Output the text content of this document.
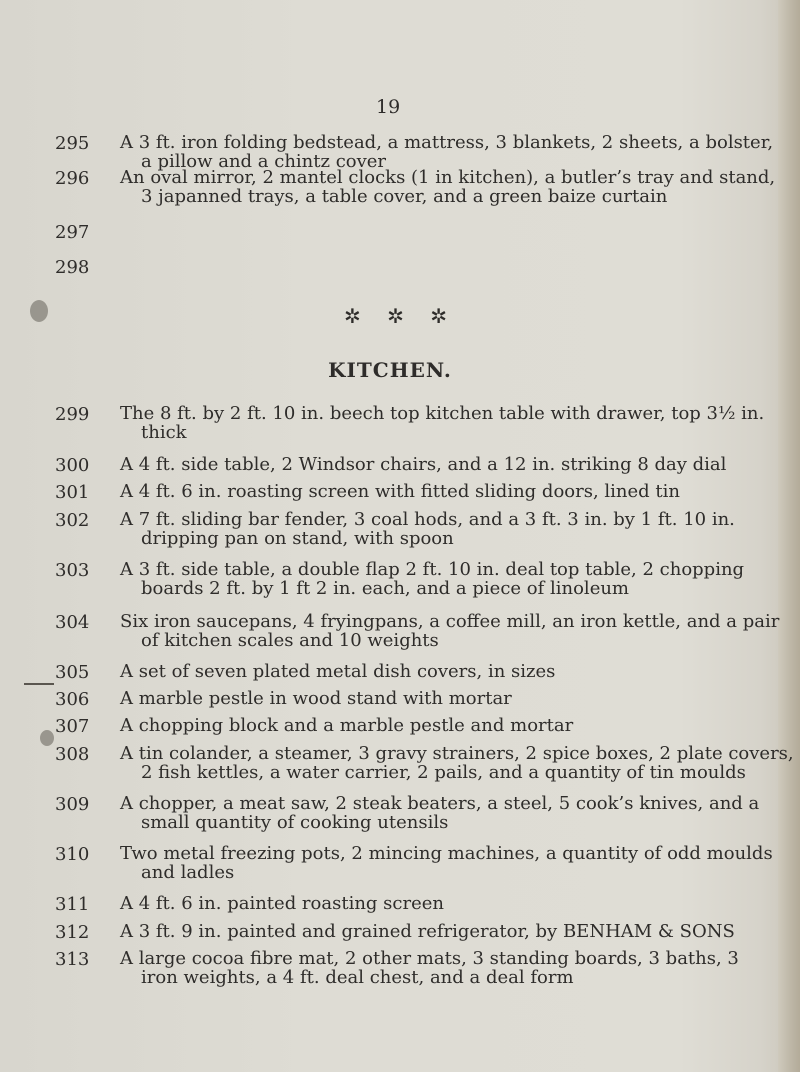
19
295	A 3 ft. iron folding bedstead, a mattress, 3 blankets, 2 sheets, a bolster,
a pillow and a chintz cover
296	An oval mirror, 2 mantel clocks (1 in kitchen), a butler’s tray and stand,
3 japanned trays, a table cover, and a green baize curtain
297
298
299	The 8 ft. by 2 ft. 10 in. beech top kitchen table with drawer, top 3½ in.
thick
300	A 4 ft. side table, 2 Windsor chairs, and a 12 in. striking 8 day dial
301	A 4 ft. 6 in. roasting screen with fitted sliding doors, lined tin
302	A 7 ft. sliding bar fender, 3 coal hods, and a 3 ft. 3 in. by 1 ft. 10 in.
dripping pan on stand, with spoon
303	A 3 ft. side table, a double flap 2 ft. 10 in. deal top table, 2 chopping
boards 2 ft. by 1 ft 2 in. each, and a piece of linoleum
304	Six iron saucepans, 4 fryingpans, a coffee mill, an iron kettle, and a pair
of kitchen scales and 10 weights
305	A set of seven plated metal dish covers, in sizes
306	A marble pestle in wood stand with mortar
307	A chopping block and a marble pestle and mortar
308	A tin colander, a steamer, 3 gravy strainers, 2 spice boxes, 2 plate covers,
2 fish kettles, a water carrier, 2 pails, and a quantity of tin moulds
309	A chopper, a meat saw, 2 steak beaters, a steel, 5 cook’s knives, and a
small quantity of cooking utensils
310	Two metal freezing pots, 2 mincing machines, a quantity of odd moulds
and ladles
311	A 4 ft. 6 in. painted roasting screen
312	A 3 ft. 9 in. painted and grained refrigerator, by BENHAM & SONS
313	A large cocoa fibre mat, 2 other mats, 3 standing boards, 3 baths, 3
iron weights, a 4 ft. deal chest, and a deal form
✲ ✲ ✲
KITCHEN.
